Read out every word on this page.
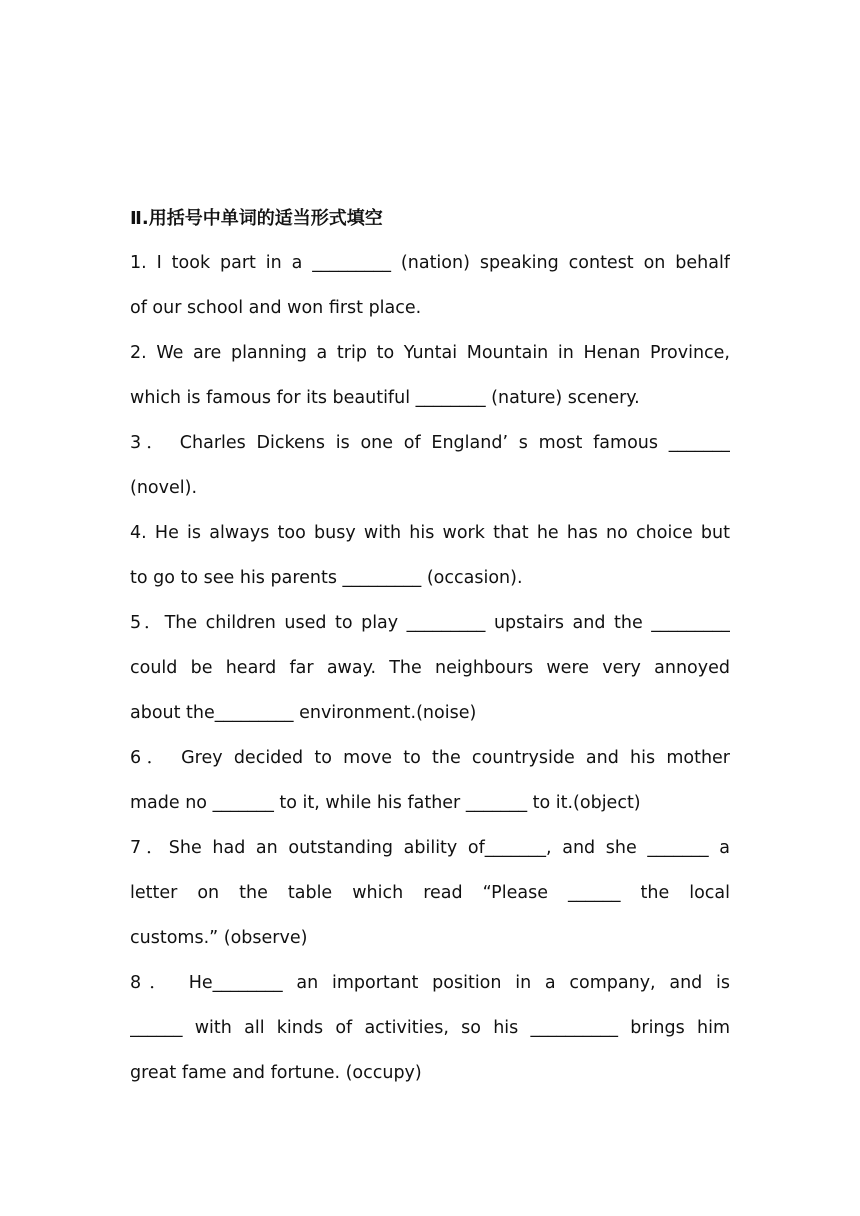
Ⅱ.用括号中单词的适当形式填空
1. I took part in a _________ (nation) speaking contest on behalf
of our school and won first place.
2. We are planning a trip to Yuntai Mountain in Henan Province,
which is famous for its beautiful ________ (nature) scenery.
3． Charles Dickens is one of England’ s most famous _______
(novel).
4. He is always too busy with his work that he has no choice but
to go to see his parents _________ (occasion).
5．The children used to play _________ upstairs and the _________
could be heard far away. The neighbours were very annoyed
about the_________ environment.(noise)
6． Grey decided to move to the countryside and his mother
made no _______ to it, while his father _______ to it.(object)
7．She had an outstanding ability of_______, and she _______ a
letter on the table which read “Please ______ the local
customs.” (observe)
8． He________ an important position in a company, and is
______ with all kinds of activities, so his __________ brings him
great fame and fortune. (occupy)
